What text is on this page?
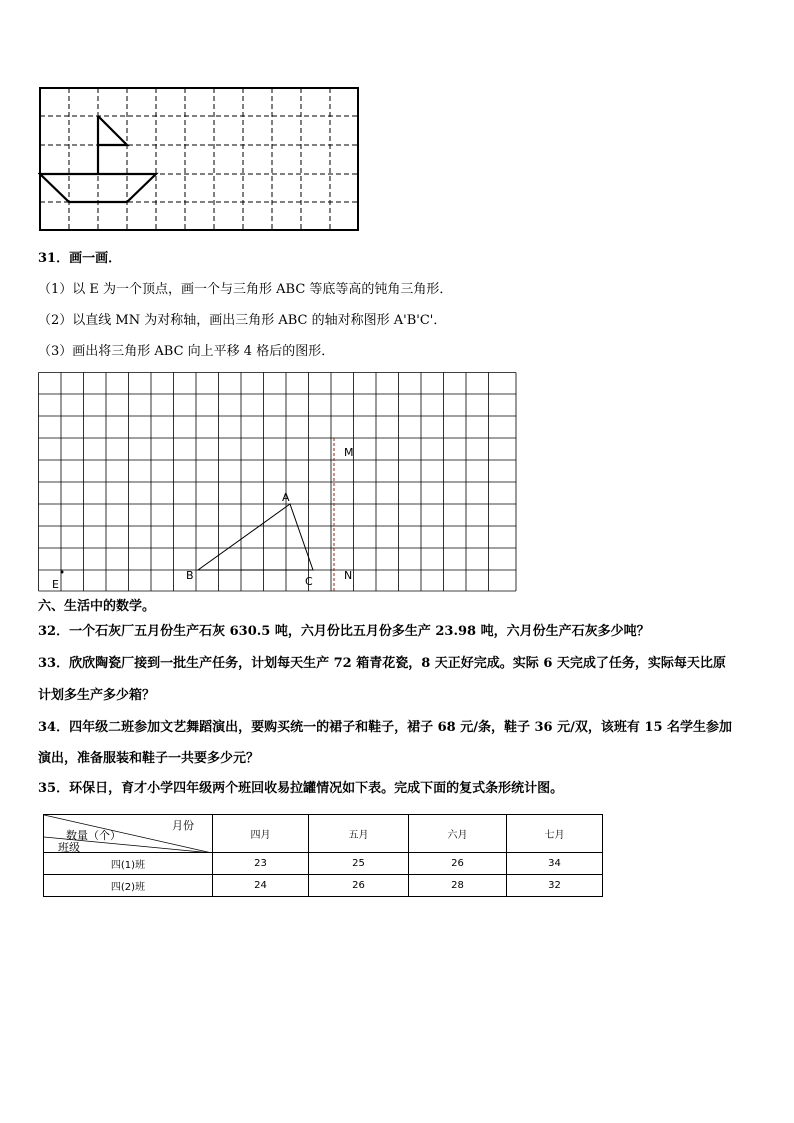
31．画一画．
（1）以 E 为一个顶点，画一个与三角形 ABC 等底等高的钝角三角形．
（2）以直线 MN 为对称轴，画出三角形 ABC 的轴对称图形 A'B'C'．
（3）画出将三角形 ABC 向上平移 4 格后的图形．
M
A
B	C	N
E
六、生活中的数学。
32．一个石灰厂五月份生产石灰 630.5 吨，六月份比五月份多生产 23.98 吨，六月份生产石灰多少吨？
33．欣欣陶瓷厂接到一批生产任务，计划每天生产 72 箱青花瓷，8 天正好完成。实际 6 天完成了任务，实际每天比原
计划多生产多少箱？
34．四年级二班参加文艺舞蹈演出，要购买统一的裙子和鞋子，裙子 68 元/条，鞋子 36 元/双，该班有 15 名学生参加
演出，准备服装和鞋子一共要多少元？
35．环保日，育才小学四年级两个班回收易拉罐情况如下表。完成下面的复式条形统计图。
月份
数量（个）
班级	四月	五月	六月	七月
四(1)班	23	25	26	34
四(2)班	24	26	28	32
